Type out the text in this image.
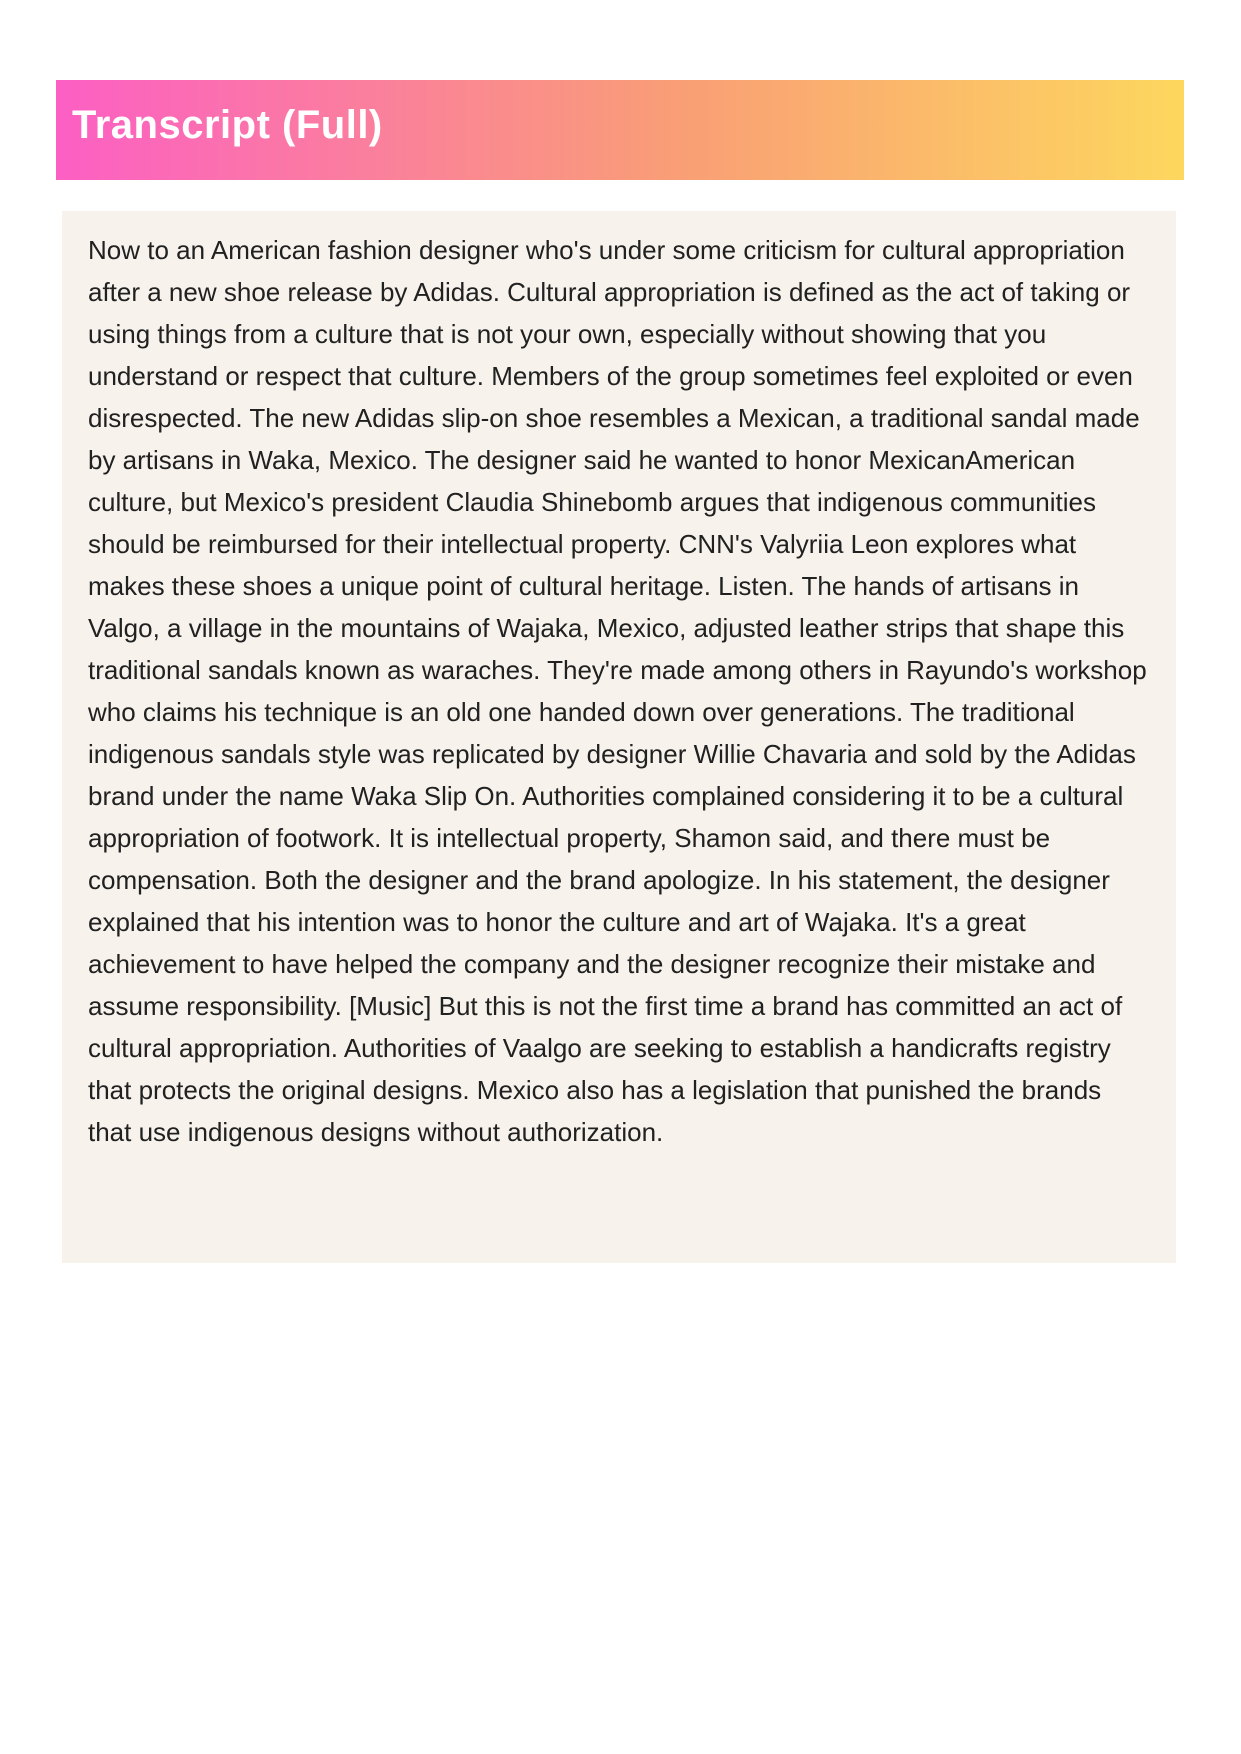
Transcript (Full)

Now to an American fashion designer who's under some criticism for cultural appropriation after a new shoe release by Adidas. Cultural appropriation is defined as the act of taking or using things from a culture that is not your own, especially without showing that you understand or respect that culture. Members of the group sometimes feel exploited or even disrespected. The new Adidas slip-on shoe resembles a Mexican, a traditional sandal made by artisans in Waka, Mexico. The designer said he wanted to honor MexicanAmerican culture, but Mexico's president Claudia Shinebomb argues that indigenous communities should be reimbursed for their intellectual property. CNN's Valyriia Leon explores what makes these shoes a unique point of cultural heritage. Listen. The hands of artisans in Valgo, a village in the mountains of Wajaka, Mexico, adjusted leather strips that shape this traditional sandals known as waraches. They're made among others in Rayundo's workshop who claims his technique is an old one handed down over generations. The traditional indigenous sandals style was replicated by designer Willie Chavaria and sold by the Adidas brand under the name Waka Slip On. Authorities complained considering it to be a cultural appropriation of footwork. It is intellectual property, Shamon said, and there must be compensation. Both the designer and the brand apologize. In his statement, the designer explained that his intention was to honor the culture and art of Wajaka. It's a great achievement to have helped the company and the designer recognize their mistake and assume responsibility. [Music] But this is not the first time a brand has committed an act of cultural appropriation. Authorities of Vaalgo are seeking to establish a handicrafts registry that protects the original designs. Mexico also has a legislation that punished the brands that use indigenous designs without authorization.
